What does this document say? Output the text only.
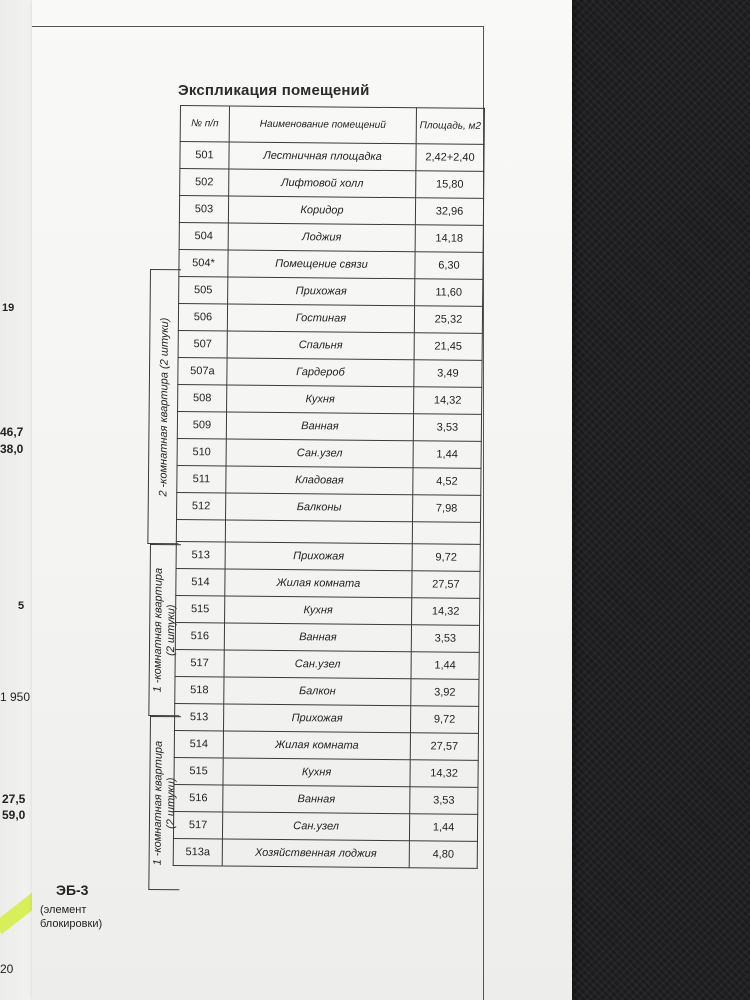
19
46,7
38,0
5
1 950
27,5
59,0
20
Экспликация помещений
2 -комнатная квартира (2 штуки)
1 -комнатная квартира (2 штуки)
1 -комнатная квартира (2 штуки)
№ п/п	Наименование помещений	Площадь, м2
501	Лестничная площадка	2,42+2,40
502	Лифтовой холл	15,80
503	Коридор	32,96
504	Лоджия	14,18
504*	Помещение связи	6,30
505	Прихожая	11,60
506	Гостиная	25,32
507	Спальня	21,45
507а	Гардероб	3,49
508	Кухня	14,32
509	Ванная	3,53
510	Сан.узел	1,44
511	Кладовая	4,52
512	Балконы	7,98

513	Прихожая	9,72
514	Жилая комната	27,57
515	Кухня	14,32
516	Ванная	3,53
517	Сан.узел	1,44
518	Балкон	3,92
513	Прихожая	9,72
514	Жилая комната	27,57
515	Кухня	14,32
516	Ванная	3,53
517	Сан.узел	1,44
513а	Хозяйственная лоджия	4,80
ЭБ-3
(элемент
блокировки)
